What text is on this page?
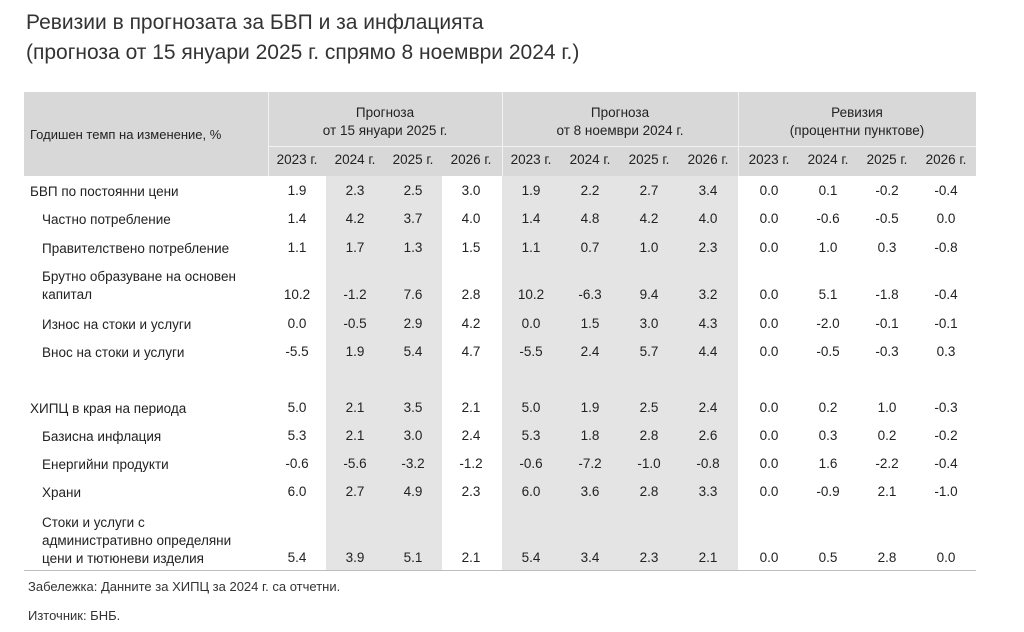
Ревизии в прогнозата за БВП и за инфлацията
(прогноза от 15 януари 2025 г. спрямо 8 ноември 2024 г.)
Годишен темп на изменение, %
Прогноза
от 15 януари 2025 г.
Прогноза
от 8 ноември 2024 г.
Ревизия
(процентни пунктове)
2023 г.	2024 г.	2025 г.	2026 г.	2023 г.	2024 г.	2025 г.	2026 г.	2023 г.	2024 г.	2025 г.	2026 г.
БВП по постоянни цени	1.9	2.3	2.5	3.0	1.9	2.2	2.7	3.4	0.0	0.1	-0.2	-0.4
Частно потребление	1.4	4.2	3.7	4.0	1.4	4.8	4.2	4.0	0.0	-0.6	-0.5	0.0
Правителствено потребление	1.1	1.7	1.3	1.5	1.1	0.7	1.0	2.3	0.0	1.0	0.3	-0.8
Брутно образуване на основен
капитал	10.2	-1.2	7.6	2.8	10.2	-6.3	9.4	3.2	0.0	5.1	-1.8	-0.4
Износ на стоки и услуги	0.0	-0.5	2.9	4.2	0.0	1.5	3.0	4.3	0.0	-2.0	-0.1	-0.1
Внос на стоки и услуги	-5.5	1.9	5.4	4.7	-5.5	2.4	5.7	4.4	0.0	-0.5	-0.3	0.3
ХИПЦ в края на периода	5.0	2.1	3.5	2.1	5.0	1.9	2.5	2.4	0.0	0.2	1.0	-0.3
Базисна инфлация	5.3	2.1	3.0	2.4	5.3	1.8	2.8	2.6	0.0	0.3	0.2	-0.2
Енергийни продукти	-0.6	-5.6	-3.2	-1.2	-0.6	-7.2	-1.0	-0.8	0.0	1.6	-2.2	-0.4
Храни	6.0	2.7	4.9	2.3	6.0	3.6	2.8	3.3	0.0	-0.9	2.1	-1.0
Стоки и услуги с
административно определяни
цени и тютюневи изделия	5.4	3.9	5.1	2.1	5.4	3.4	2.3	2.1	0.0	0.5	2.8	0.0
Забележка: Данните за ХИПЦ за 2024 г. са отчетни.
Източник: БНБ.
